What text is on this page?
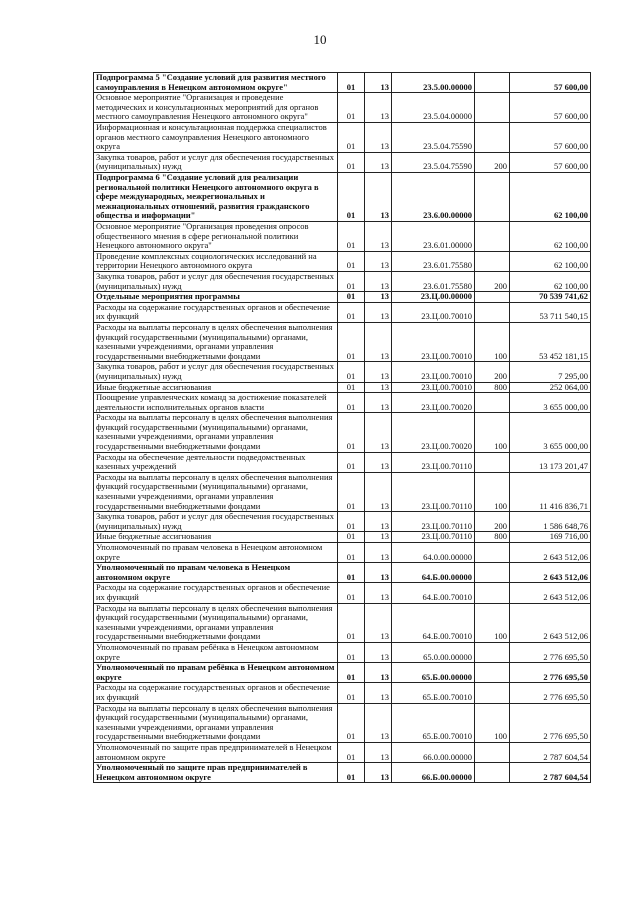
10
Подпрограмма 5 "Создание условий для развития местного самоуправления в Ненецком автономном округе"	01	13	23.5.00.00000		57 600,00
Основное мероприятие "Организация и проведение методических и консультационных мероприятий для органов местного самоуправления Ненецкого автономного округа"	01	13	23.5.04.00000		57 600,00
Информационная и консультационная поддержка специалистов органов местного самоуправления Ненецкого автономного округа	01	13	23.5.04.75590		57 600,00
Закупка товаров, работ и услуг для обеспечения государственных (муниципальных) нужд	01	13	23.5.04.75590	200	57 600,00
Подпрограмма 6 "Создание условий для реализации региональной политики Ненецкого автономного округа в сфере международных, межрегиональных и межнациональных отношений, развития гражданского общества и информации"	01	13	23.6.00.00000		62 100,00
Основное мероприятие "Организация проведения опросов общественного мнения в сфере региональной политики Ненецкого автономного округа"	01	13	23.6.01.00000		62 100,00
Проведение комплексных социологических исследований на территории Ненецкого автономного округа	01	13	23.6.01.75580		62 100,00
Закупка товаров, работ и услуг для обеспечения государственных (муниципальных) нужд	01	13	23.6.01.75580	200	62 100,00
Отдельные мероприятия программы	01	13	23.Ц.00.00000		70 539 741,62
Расходы на содержание государственных органов и обеспечение их функций	01	13	23.Ц.00.70010		53 711 540,15
Расходы на выплаты персоналу в целях обеспечения выполнения функций государственными (муниципальными) органами, казенными учреждениями, органами управления государственными внебюджетными фондами	01	13	23.Ц.00.70010	100	53 452 181,15
Закупка товаров, работ и услуг для обеспечения государственных (муниципальных) нужд	01	13	23.Ц.00.70010	200	7 295,00
Иные бюджетные ассигнования	01	13	23.Ц.00.70010	800	252 064,00
Поощрение управленческих команд за достижение показателей деятельности исполнительных органов власти	01	13	23.Ц.00.70020		3 655 000,00
Расходы на выплаты персоналу в целях обеспечения выполнения функций государственными (муниципальными) органами, казенными учреждениями, органами управления государственными внебюджетными фондами	01	13	23.Ц.00.70020	100	3 655 000,00
Расходы на обеспечение деятельности подведомственных казенных учреждений	01	13	23.Ц.00.70110		13 173 201,47
Расходы на выплаты персоналу в целях обеспечения выполнения функций государственными (муниципальными) органами, казенными учреждениями, органами управления государственными внебюджетными фондами	01	13	23.Ц.00.70110	100	11 416 836,71
Закупка товаров, работ и услуг для обеспечения государственных (муниципальных) нужд	01	13	23.Ц.00.70110	200	1 586 648,76
Иные бюджетные ассигнования	01	13	23.Ц.00.70110	800	169 716,00
Уполномоченный по правам человека в Ненецком автономном округе	01	13	64.0.00.00000		2 643 512,06
Уполномоченный по правам человека в Ненецком автономном округе	01	13	64.Б.00.00000		2 643 512,06
Расходы на содержание государственных органов и обеспечение их функций	01	13	64.Б.00.70010		2 643 512,06
Расходы на выплаты персоналу в целях обеспечения выполнения функций государственными (муниципальными) органами, казенными учреждениями, органами управления государственными внебюджетными фондами	01	13	64.Б.00.70010	100	2 643 512,06
Уполномоченный по правам ребёнка в Ненецком автономном округе	01	13	65.0.00.00000		2 776 695,50
Уполномоченный по правам ребёнка в Ненецком автономном округе	01	13	65.Б.00.00000		2 776 695,50
Расходы на содержание государственных органов и обеспечение их функций	01	13	65.Б.00.70010		2 776 695,50
Расходы на выплаты персоналу в целях обеспечения выполнения функций государственными (муниципальными) органами, казенными учреждениями, органами управления государственными внебюджетными фондами	01	13	65.Б.00.70010	100	2 776 695,50
Уполномоченный по защите прав предпринимателей в Ненецком автономном округе	01	13	66.0.00.00000		2 787 604,54
Уполномоченный по защите прав предпринимателей в Ненецком автономном округе	01	13	66.Б.00.00000		2 787 604,54
